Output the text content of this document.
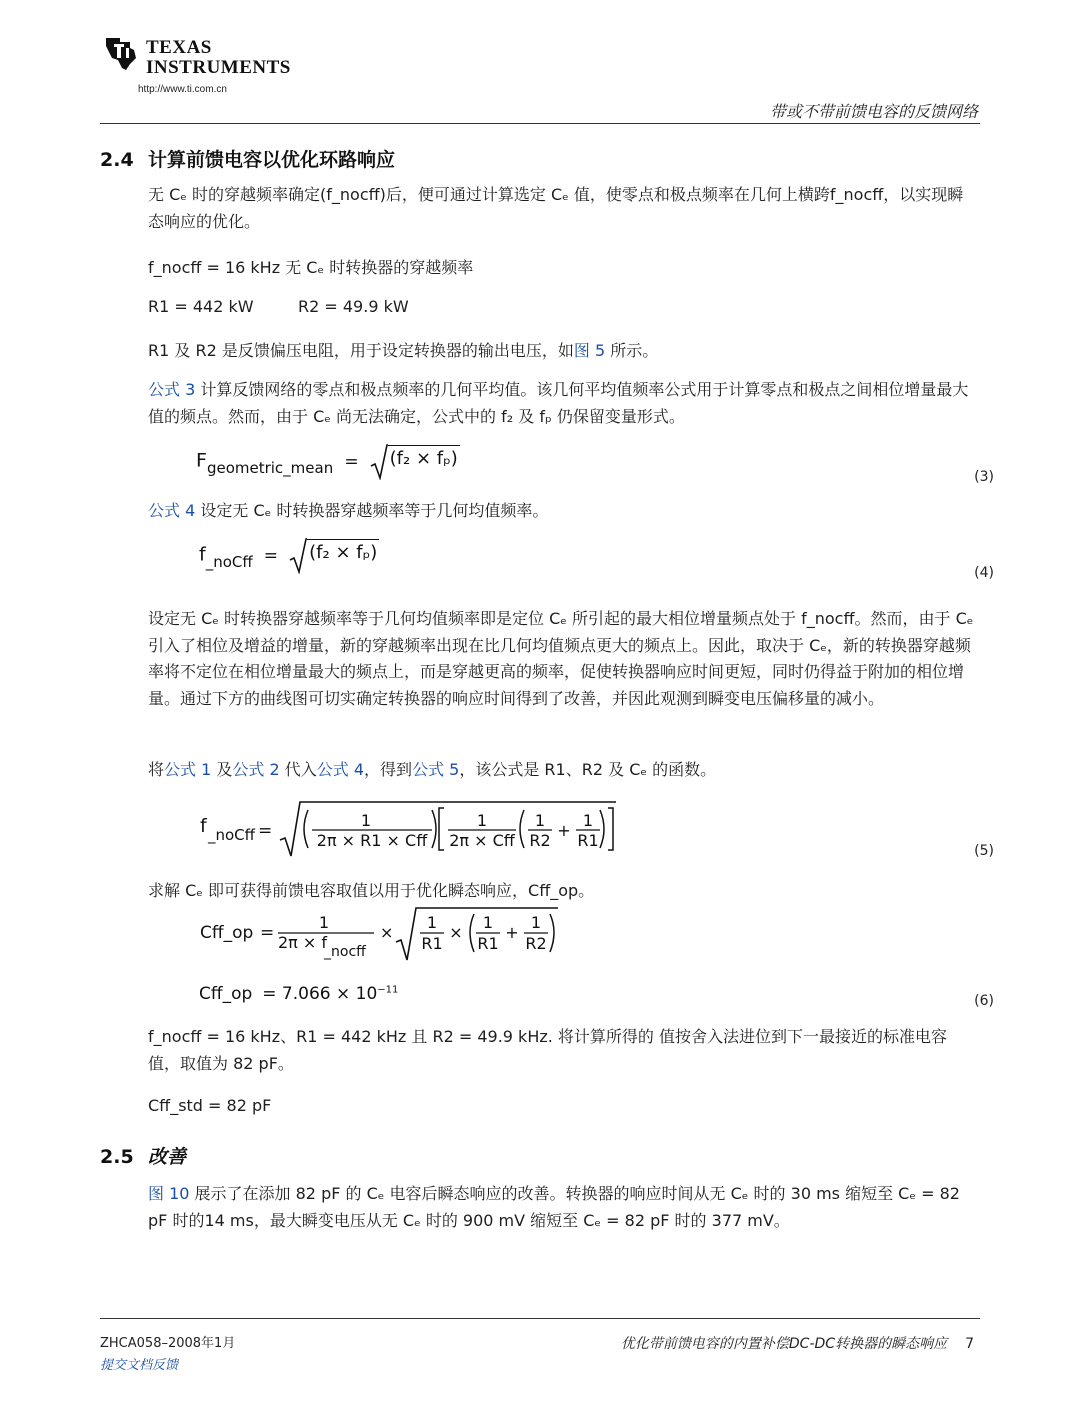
TEXAS
INSTRUMENTS
http://www.ti.com.cn
带或不带前馈电容的反馈网络
2.4 计算前馈电容以优化环路响应
无 Cₑ 时的穿越频率确定(f_nocff)后，便可通过计算选定 Cₑ 值，使零点和极点频率在几何上横跨f_nocff，以实现瞬态响应的优化。
f_nocff = 16 kHz 无 Cₑ 时转换器的穿越频率
R1 = 442 kW	R2 = 49.9 kW
R1 及 R2 是反馈偏压电阻，用于设定转换器的输出电压，如图 5 所示。
公式 3 计算反馈网络的零点和极点频率的几何平均值。该几何平均值频率公式用于计算零点和极点之间相位增量最大值的频点。然而，由于 Cₑ 尚无法确定，公式中的 f₂ 及 fₚ 仍保留变量形式。
Fgeometric_mean = (f₂ × fₚ)
(3)
公式 4 设定无 Cₑ 时转换器穿越频率等于几何均值频率。
f_noCff = (f₂ × fₚ)
(4)
设定无 Cₑ 时转换器穿越频率等于几何均值频率即是定位 Cₑ 所引起的最大相位增量频点处于 f_nocff。然而，由于 Cₑ 引入了相位及增益的增量，新的穿越频率出现在比几何均值频点更大的频点上。因此，取决于 Cₑ，新的转换器穿越频率将不定位在相位增量最大的频点上，而是穿越更高的频率，促使转换器响应时间更短，同时仍得益于附加的相位增量。通过下方的曲线图可切实确定转换器的响应时间得到了改善，并因此观测到瞬变电压偏移量的减小。
将公式 1 及公式 2 代入公式 4，得到公式 5，该公式是 R1、R2 及 Cₑ 的函数。
f _noCff =
1
2π × R1 × Cff
1
2π × Cff
1
R2
+
1
R1
(5)
求解 Cₑ 即可获得前馈电容取值以用于优化瞬态响应，Cff_op。
Cff_op =
1
2π × f
_nocff
×
1
R1
×
1
R1
+
1
R2
Cff_op = $7.066 \times 10^{-11}$
(6)
f_nocff = 16 kHz、R1 = 442 kHz 且 R2 = 49.9 kHz. 将计算所得的 值按舍入法进位到下一最接近的标准电容值，取值为 82 pF。
Cff_std = 82 pF
2.5 改善
图 10 展示了在添加 82 pF 的 Cₑ 电容后瞬态响应的改善。转换器的响应时间从无 Cₑ 时的 30 ms 缩短至 Cₑ = 82 pF 时的14 ms，最大瞬变电压从无 Cₑ 时的 900 mV 缩短至 Cₑ = 82 pF 时的 377 mV。
ZHCA058–2008年1月
提交文档反馈
优化带前馈电容的内置补偿DC-DC转换器的瞬态响应 7
